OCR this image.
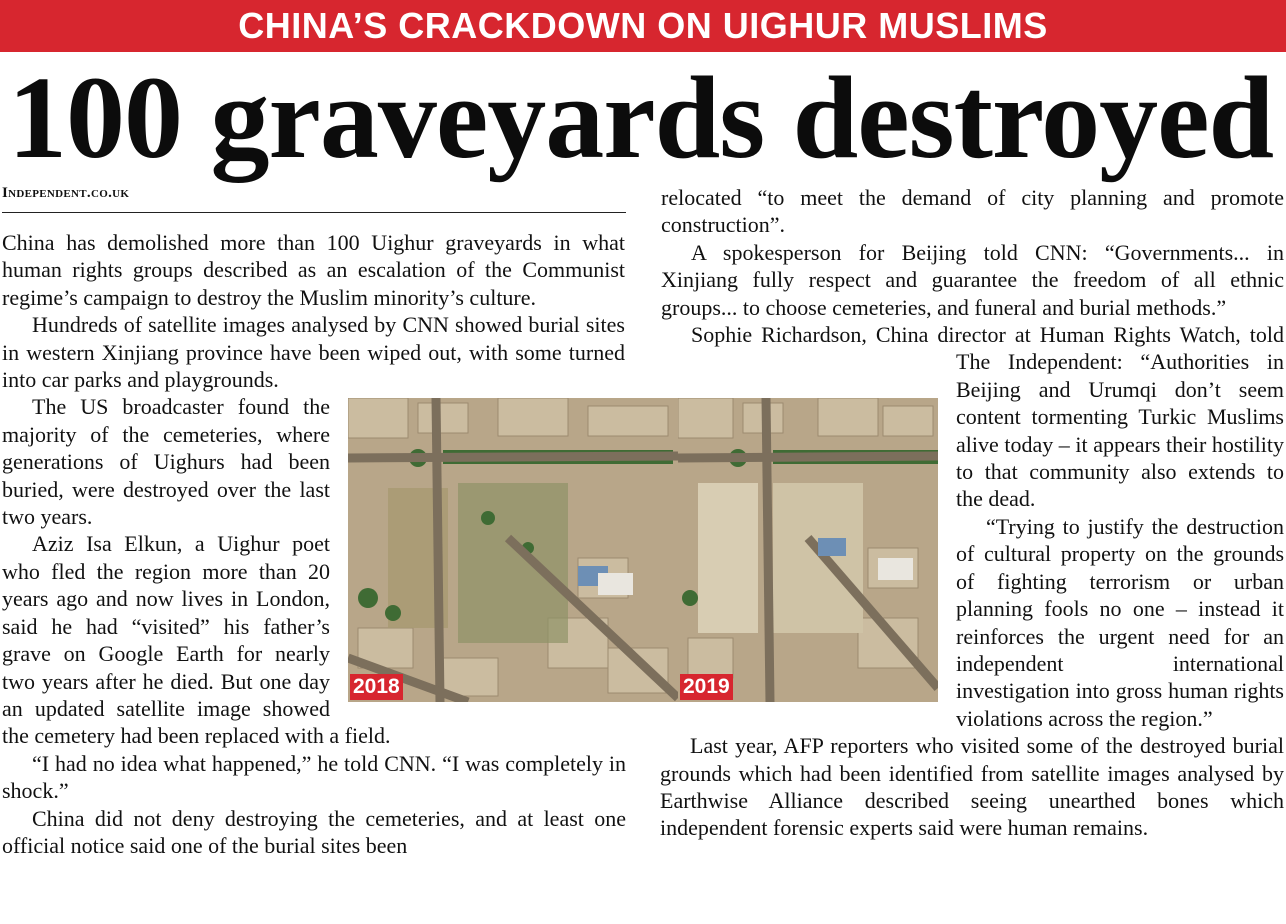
CHINA’S CRACKDOWN ON UIGHUR MUSLIMS
100 graveyards destroyed
Independent.co.uk

China has demolished more than 100 Uighur graveyards in what human rights groups described as an escalation of the Communist regime’s campaign to destroy the Muslim minority’s culture.

Hundreds of satellite images analysed by CNN showed burial sites in western Xinjiang province have been wiped out, with some turned into car parks and playgrounds.

The US broadcaster found the majority of the cemeteries, where generations of Uighurs had been buried, were destroyed over the last two years.

Aziz Isa Elkun, a Uighur poet who fled the region more than 20 years ago and now lives in London, said he had “visited” his father’s grave on Google Earth for nearly two years after he died. But one day an updated satellite image showed the cemetery had been replaced with a field.

“I had no idea what happened,” he told CNN. “I was completely in shock.”

China did not deny destroying the cemeteries, and at least one official notice said one of the burial sites been

relocated “to meet the demand of city planning and promote construction”.

A spokesperson for Beijing told CNN: “Governments... in Xinjiang fully respect and guarantee the freedom of all ethnic groups... to choose cemeteries, and funeral and burial methods.”

Sophie Richardson, China director at Human Rights Watch, told The Independent: “Authorities in Beijing and Urumqi don’t seem content tormenting Turkic Muslims alive today – it appears their hostility to that community also extends to the dead.

“Trying to justify the destruction of cultural property on the grounds of fighting terrorism or urban planning fools no one – instead it reinforces the urgent need for an independent international investigation into gross human rights violations across the region.”

Last year, AFP reporters who visited some of the destroyed burial grounds which had been identified from satellite images analysed by Earthwise Alliance described seeing unearthed bones which independent forensic experts said were human remains.

2018	2019
